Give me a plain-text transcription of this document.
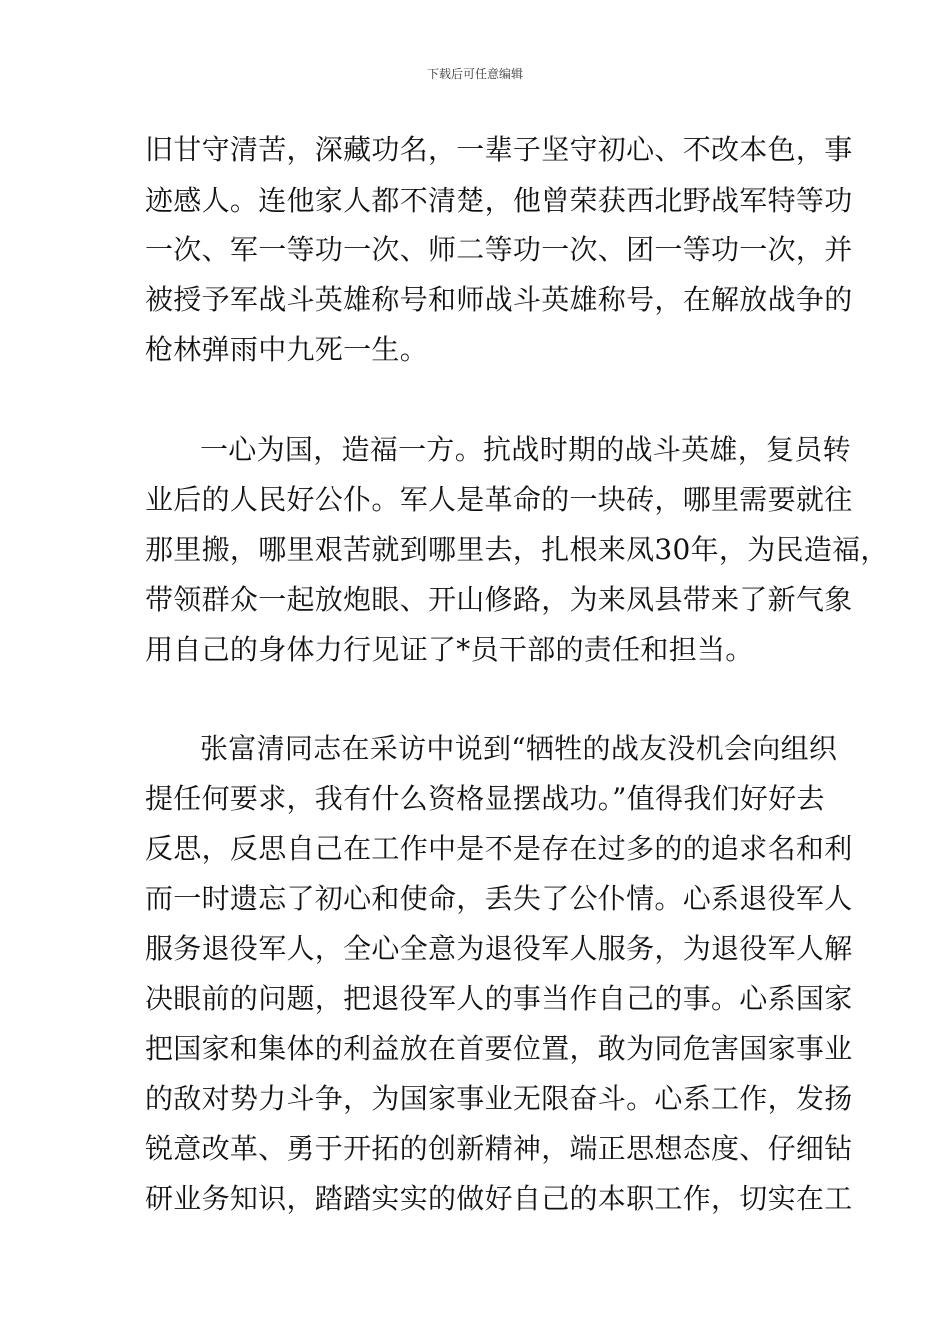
下载后可任意编辑
旧甘守清苦，深藏功名，一辈子坚守初心、不改本色，事
迹感人。连他家人都不清楚，他曾荣获西北野战军特等功
一次、军一等功一次、师二等功一次、团一等功一次，并
被授予军战斗英雄称号和师战斗英雄称号，在解放战争的
枪林弹雨中九死一生。
一心为国，造福一方。抗战时期的战斗英雄，复员转
业后的人民好公仆。军人是革命的一块砖，哪里需要就往
那里搬，哪里艰苦就到哪里去，扎根来凤30年，为民造福，
带领群众一起放炮眼、开山修路，为来凤县带来了新气象
用自己的身体力行见证了*员干部的责任和担当。
张富清同志在采访中说到“牺牲的战友没机会向组织
提任何要求，我有什么资格显摆战功。”值得我们好好去
反思，反思自己在工作中是不是存在过多的的追求名和利
而一时遗忘了初心和使命，丢失了公仆情。心系退役军人
服务退役军人，全心全意为退役军人服务，为退役军人解
决眼前的问题，把退役军人的事当作自己的事。心系国家
把国家和集体的利益放在首要位置，敢为同危害国家事业
的敌对势力斗争，为国家事业无限奋斗。心系工作，发扬
锐意改革、勇于开拓的创新精神，端正思想态度、仔细钻
研业务知识，踏踏实实的做好自己的本职工作，切实在工
